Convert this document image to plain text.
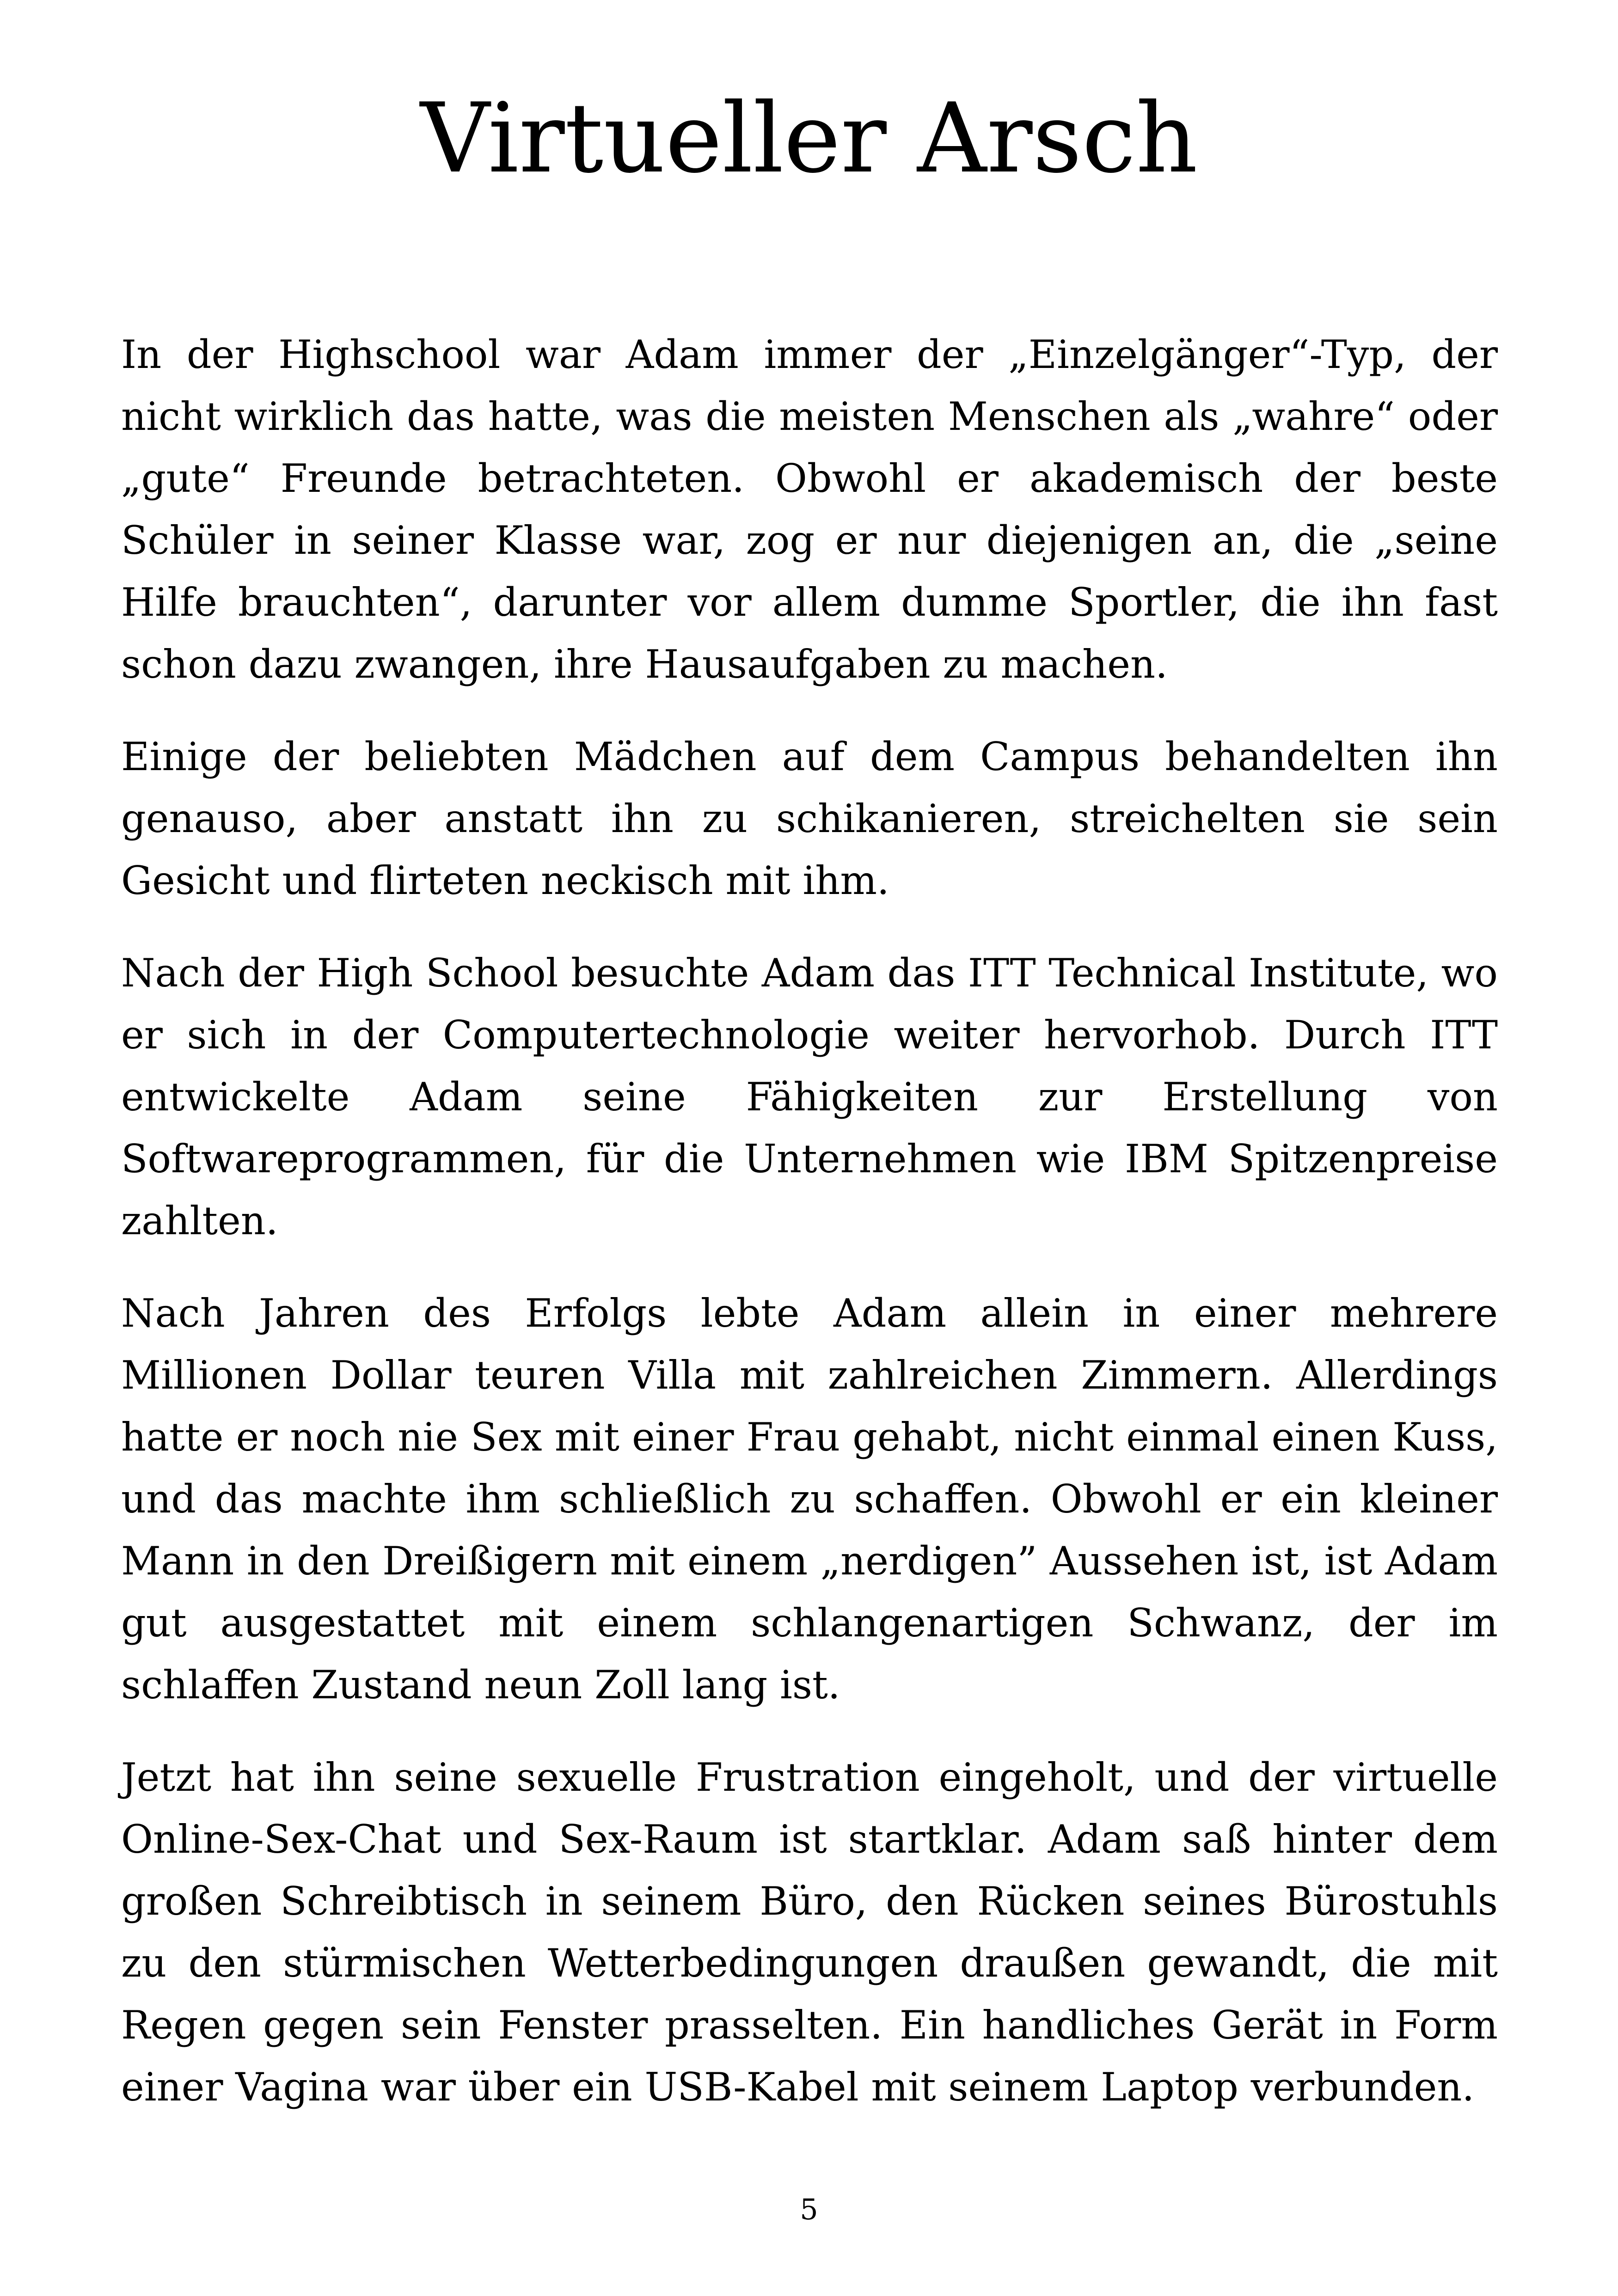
Virtueller Arsch

In der Highschool war Adam immer der „Einzelgänger“-Typ, der nicht wirklich das hatte, was die meisten Menschen als „wahre“ oder „gute“ Freunde betrachteten. Obwohl er akademisch der beste Schüler in seiner Klasse war, zog er nur diejenigen an, die „seine Hilfe brauchten“, darunter vor allem dumme Sportler, die ihn fast schon dazu zwangen, ihre Hausaufgaben zu machen.

Einige der beliebten Mädchen auf dem Campus behandelten ihn genauso, aber anstatt ihn zu schikanieren, streichelten sie sein Gesicht und flirteten neckisch mit ihm.

Nach der High School besuchte Adam das ITT Technical Institute, wo er sich in der Computertechnologie weiter hervorhob. Durch ITT entwickelte Adam seine Fähigkeiten zur Erstellung von Softwareprogrammen, für die Unternehmen wie IBM Spitzenpreise zahlten.

Nach Jahren des Erfolgs lebte Adam allein in einer mehrere Millionen Dollar teuren Villa mit zahlreichen Zimmern. Allerdings hatte er noch nie Sex mit einer Frau gehabt, nicht einmal einen Kuss, und das machte ihm schließlich zu schaffen. Obwohl er ein kleiner Mann in den Dreißigern mit einem „nerdigen” Aussehen ist, ist Adam gut ausgestattet mit einem schlangenartigen Schwanz, der im schlaffen Zustand neun Zoll lang ist.

Jetzt hat ihn seine sexuelle Frustration eingeholt, und der virtuelle Online-Sex-Chat und Sex-Raum ist startklar. Adam saß hinter dem großen Schreibtisch in seinem Büro, den Rücken seines Bürostuhls zu den stürmischen Wetterbedingungen draußen gewandt, die mit Regen gegen sein Fenster prasselten. Ein handliches Gerät in Form einer Vagina war über ein USB-Kabel mit seinem Laptop verbunden.

5
